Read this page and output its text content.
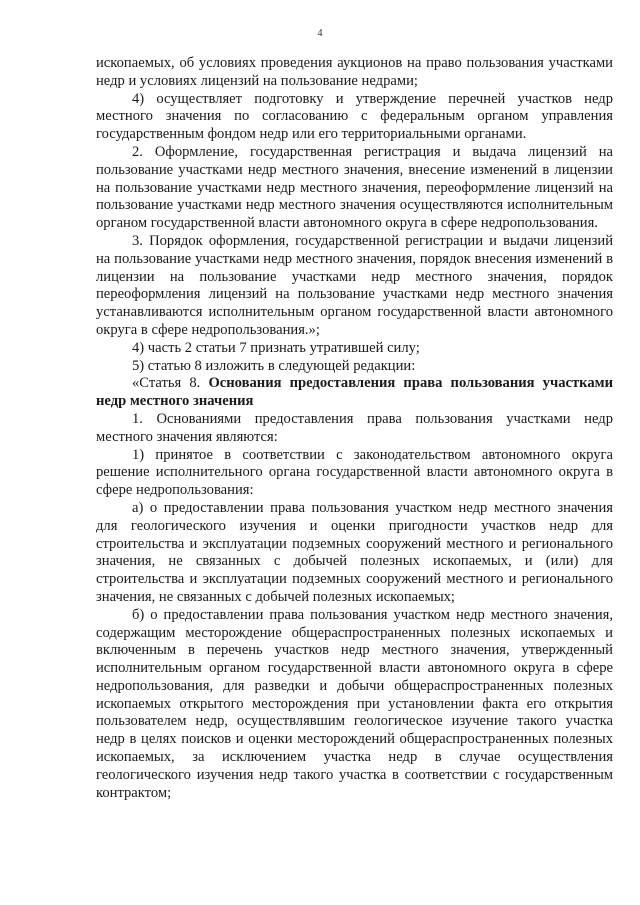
4

ископаемых, об условиях проведения аукционов на право пользования участками недр и условиях лицензий на пользование недрами;

4) осуществляет подготовку и утверждение перечней участков недр местного значения по согласованию с федеральным органом управления государственным фондом недр или его территориальными органами.

2. Оформление, государственная регистрация и выдача лицензий на пользование участками недр местного значения, внесение изменений в лицензии на пользование участками недр местного значения, переоформление лицензий на пользование участками недр местного значения осуществляются исполнительным органом государственной власти автономного округа в сфере недропользования.

3. Порядок оформления, государственной регистрации и выдачи лицензий на пользование участками недр местного значения, порядок внесения изменений в лицензии на пользование участками недр местного значения, порядок переоформления лицензий на пользование участками недр местного значения устанавливаются исполнительным органом государственной власти автономного округа в сфере недропользования.»;

4) часть 2 статьи 7 признать утратившей силу;

5) статью 8 изложить в следующей редакции:

«Статья 8. Основания предоставления права пользования участками недр местного значения

1. Основаниями предоставления права пользования участками недр местного значения являются:

1) принятое в соответствии с законодательством автономного округа решение исполнительного органа государственной власти автономного округа в сфере недропользования:

а) о предоставлении права пользования участком недр местного значения для геологического изучения и оценки пригодности участков недр для строительства и эксплуатации подземных сооружений местного и регионального значения, не связанных с добычей полезных ископаемых, и (или) для строительства и эксплуатации подземных сооружений местного и регионального значения, не связанных с добычей полезных ископаемых;

б) о предоставлении права пользования участком недр местного значения, содержащим месторождение общераспространенных полезных ископаемых и включенным в перечень участков недр местного значения, утвержденный исполнительным органом государственной власти автономного округа в сфере недропользования, для разведки и добычи общераспространенных полезных ископаемых открытого месторождения при установлении факта его открытия пользователем недр, осуществлявшим геологическое изучение такого участка недр в целях поисков и оценки месторождений общераспространенных полезных ископаемых, за исключением участка недр в случае осуществления геологического изучения недр такого участка в соответствии с государственным контрактом;
